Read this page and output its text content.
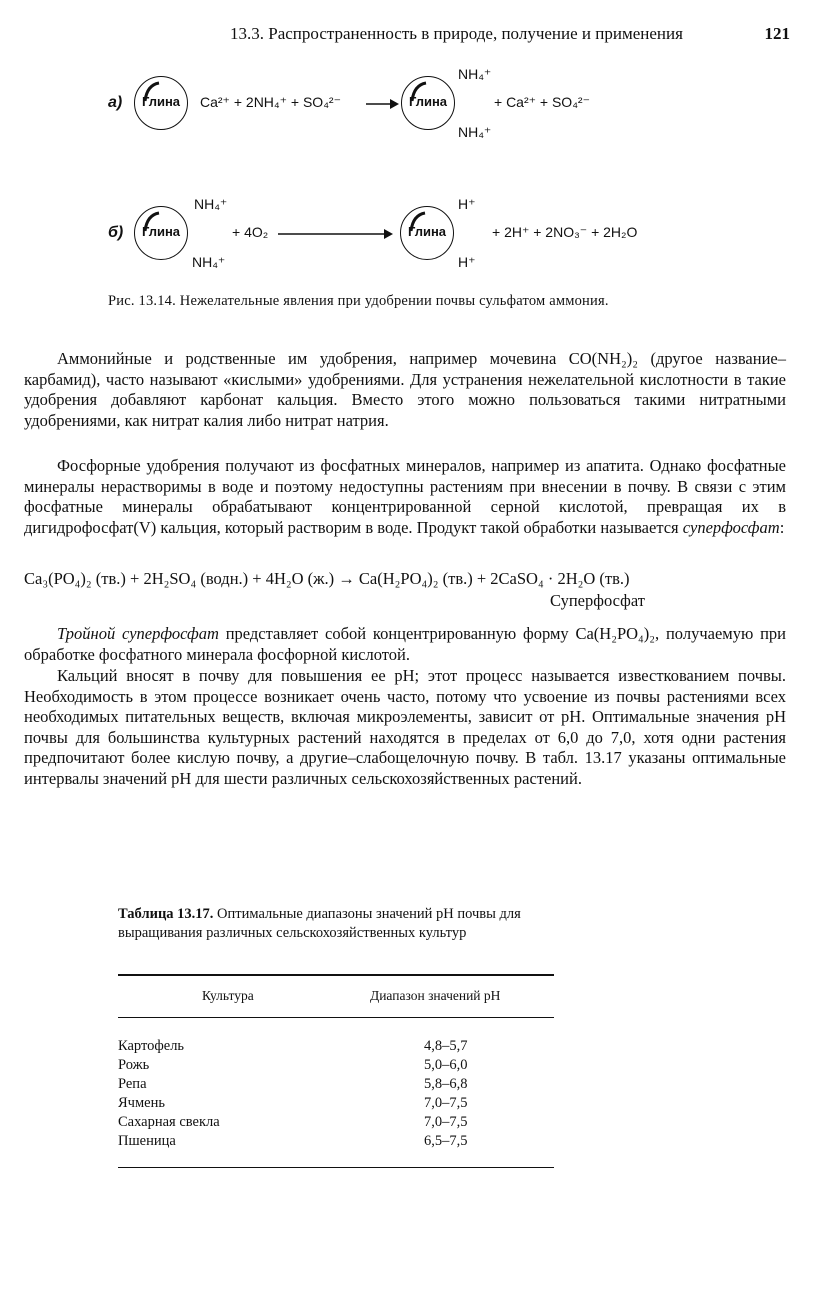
13.3. Распространенность в природе, получение и применения	121
а)	Глина	Ca²⁺ + 2NH₄⁺ + SO₄²⁻	Глина
NH₄⁺
NH₄⁺
+ Ca²⁺ + SO₄²⁻
б)	Глина
NH₄⁺
NH₄⁺
+ 4O₂	Глина
H⁺
H⁺
+ 2H⁺ + 2NO₃⁻ + 2H₂O
Рис. 13.14. Нежелательные явления при удобрении почвы сульфатом аммония.
Аммонийные и родственные им удобрения, например мочевина CO(NH₂)₂ (другое название–карбамид), часто называют «кислыми» удобрениями. Для устранения нежелательной кислотности в такие удобрения добавляют карбонат кальция. Вместо этого можно пользоваться такими нитратными удобрениями, как нитрат калия либо нитрат натрия.
Фосфорные удобрения получают из фосфатных минералов, например из апатита. Однако фосфатные минералы нерастворимы в воде и поэтому недоступны растениям при внесении в почву. В связи с этим фосфатные минералы обрабатывают концентрированной серной кислотой, превращая их в дигидрофосфат(V) кальция, который растворим в воде. Продукт такой обработки называется суперфосфат:
Ca₃(PO₄)₂ (тв.) + 2H₂SO₄ (водн.) + 4H₂O (ж.) → Ca(H₂PO₄)₂ (тв.) + 2CaSO₄ · 2H₂O (тв.)
Суперфосфат
Тройной суперфосфат представляет собой концентрированную форму Ca(H₂PO₄)₂, получаемую при обработке фосфатного минерала фосфорной кислотой.
Кальций вносят в почву для повышения ее pH; этот процесс называется известкованием почвы. Необходимость в этом процессе возникает очень часто, потому что усвоение из почвы растениями всех необходимых питательных веществ, включая микроэлементы, зависит от pH. Оптимальные значения pH почвы для большинства культурных растений находятся в пределах от 6,0 до 7,0, хотя одни растения предпочитают более кислую почву, а другие–слабощелочную почву. В табл. 13.17 указаны оптимальные интервалы значений pH для шести различных сельскохозяйственных растений.
Таблица 13.17. Оптимальные диапазоны значений pH почвы для выращивания различных сельскохозяйственных культур
Культура	Диапазон значений pH
Картофель	4,8–5,7
Рожь	5,0–6,0
Репа	5,8–6,8
Ячмень	7,0–7,5
Сахарная свекла	7,0–7,5
Пшеница	6,5–7,5
